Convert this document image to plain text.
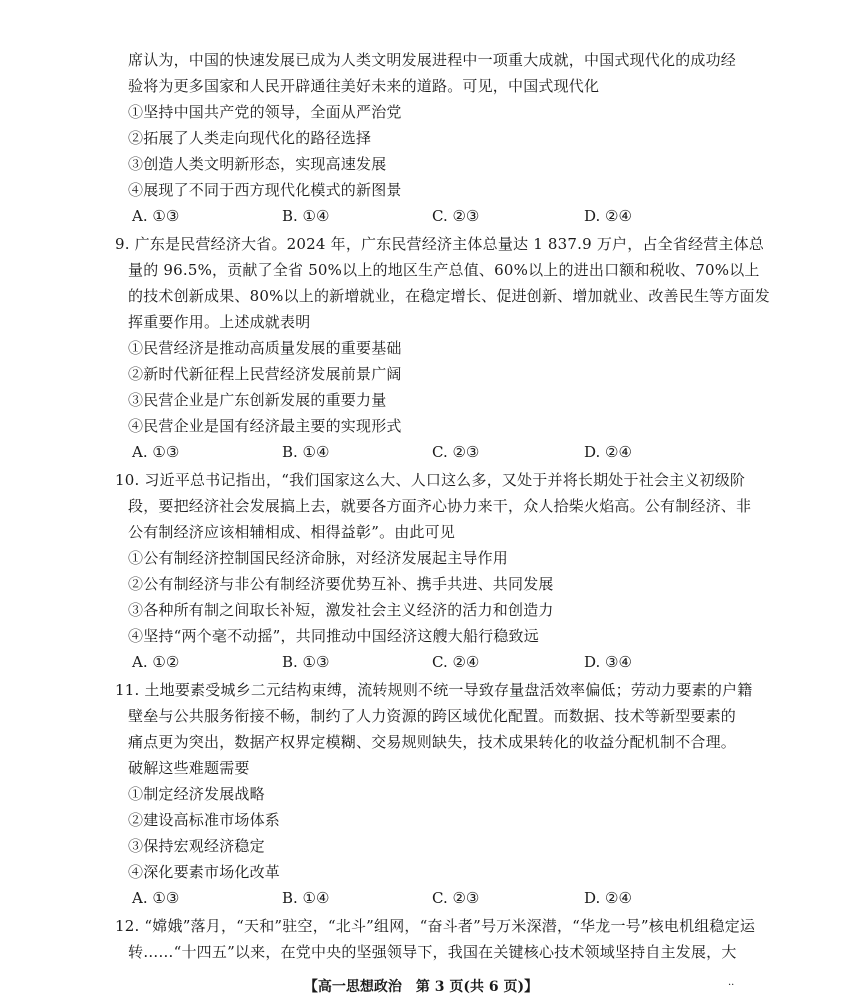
席认为，中国的快速发展已成为人类文明发展进程中一项重大成就，中国式现代化的成功经
验将为更多国家和人民开辟通往美好未来的道路。可见，中国式现代化
①坚持中国共产党的领导，全面从严治党
②拓展了人类走向现代化的路径选择
③创造人类文明新形态，实现高速发展
④展现了不同于西方现代化模式的新图景
A. ①③	B. ①④	C. ②③	D. ②④
9. 广东是民营经济大省。2024 年，广东民营经济主体总量达 1 837.9 万户，占全省经营主体总
量的 96.5%，贡献了全省 50%以上的地区生产总值、60%以上的进出口额和税收、70%以上
的技术创新成果、80%以上的新增就业，在稳定增长、促进创新、增加就业、改善民生等方面发
挥重要作用。上述成就表明
①民营经济是推动高质量发展的重要基础
②新时代新征程上民营经济发展前景广阔
③民营企业是广东创新发展的重要力量
④民营企业是国有经济最主要的实现形式
A. ①③	B. ①④	C. ②③	D. ②④
10. 习近平总书记指出，“我们国家这么大、人口这么多，又处于并将长期处于社会主义初级阶
段，要把经济社会发展搞上去，就要各方面齐心协力来干，众人拾柴火焰高。公有制经济、非
公有制经济应该相辅相成、相得益彰”。由此可见
①公有制经济控制国民经济命脉，对经济发展起主导作用
②公有制经济与非公有制经济要优势互补、携手共进、共同发展
③各种所有制之间取长补短，激发社会主义经济的活力和创造力
④坚持“两个毫不动摇”，共同推动中国经济这艘大船行稳致远
A. ①②	B. ①③	C. ②④	D. ③④
11. 土地要素受城乡二元结构束缚，流转规则不统一导致存量盘活效率偏低；劳动力要素的户籍
壁垒与公共服务衔接不畅，制约了人力资源的跨区域优化配置。而数据、技术等新型要素的
痛点更为突出，数据产权界定模糊、交易规则缺失，技术成果转化的收益分配机制不合理。
破解这些难题需要
①制定经济发展战略
②建设高标准市场体系
③保持宏观经济稳定
④深化要素市场化改革
A. ①③	B. ①④	C. ②③	D. ②④
12. “嫦娥”落月，“天和”驻空，“北斗”组网，“奋斗者”号万米深潜，“华龙一号”核电机组稳定运
转……“十四五”以来，在党中央的坚强领导下，我国在关键核心技术领域坚持自主发展，大
【高一思想政治　第 3 页(共 6 页)】	··
